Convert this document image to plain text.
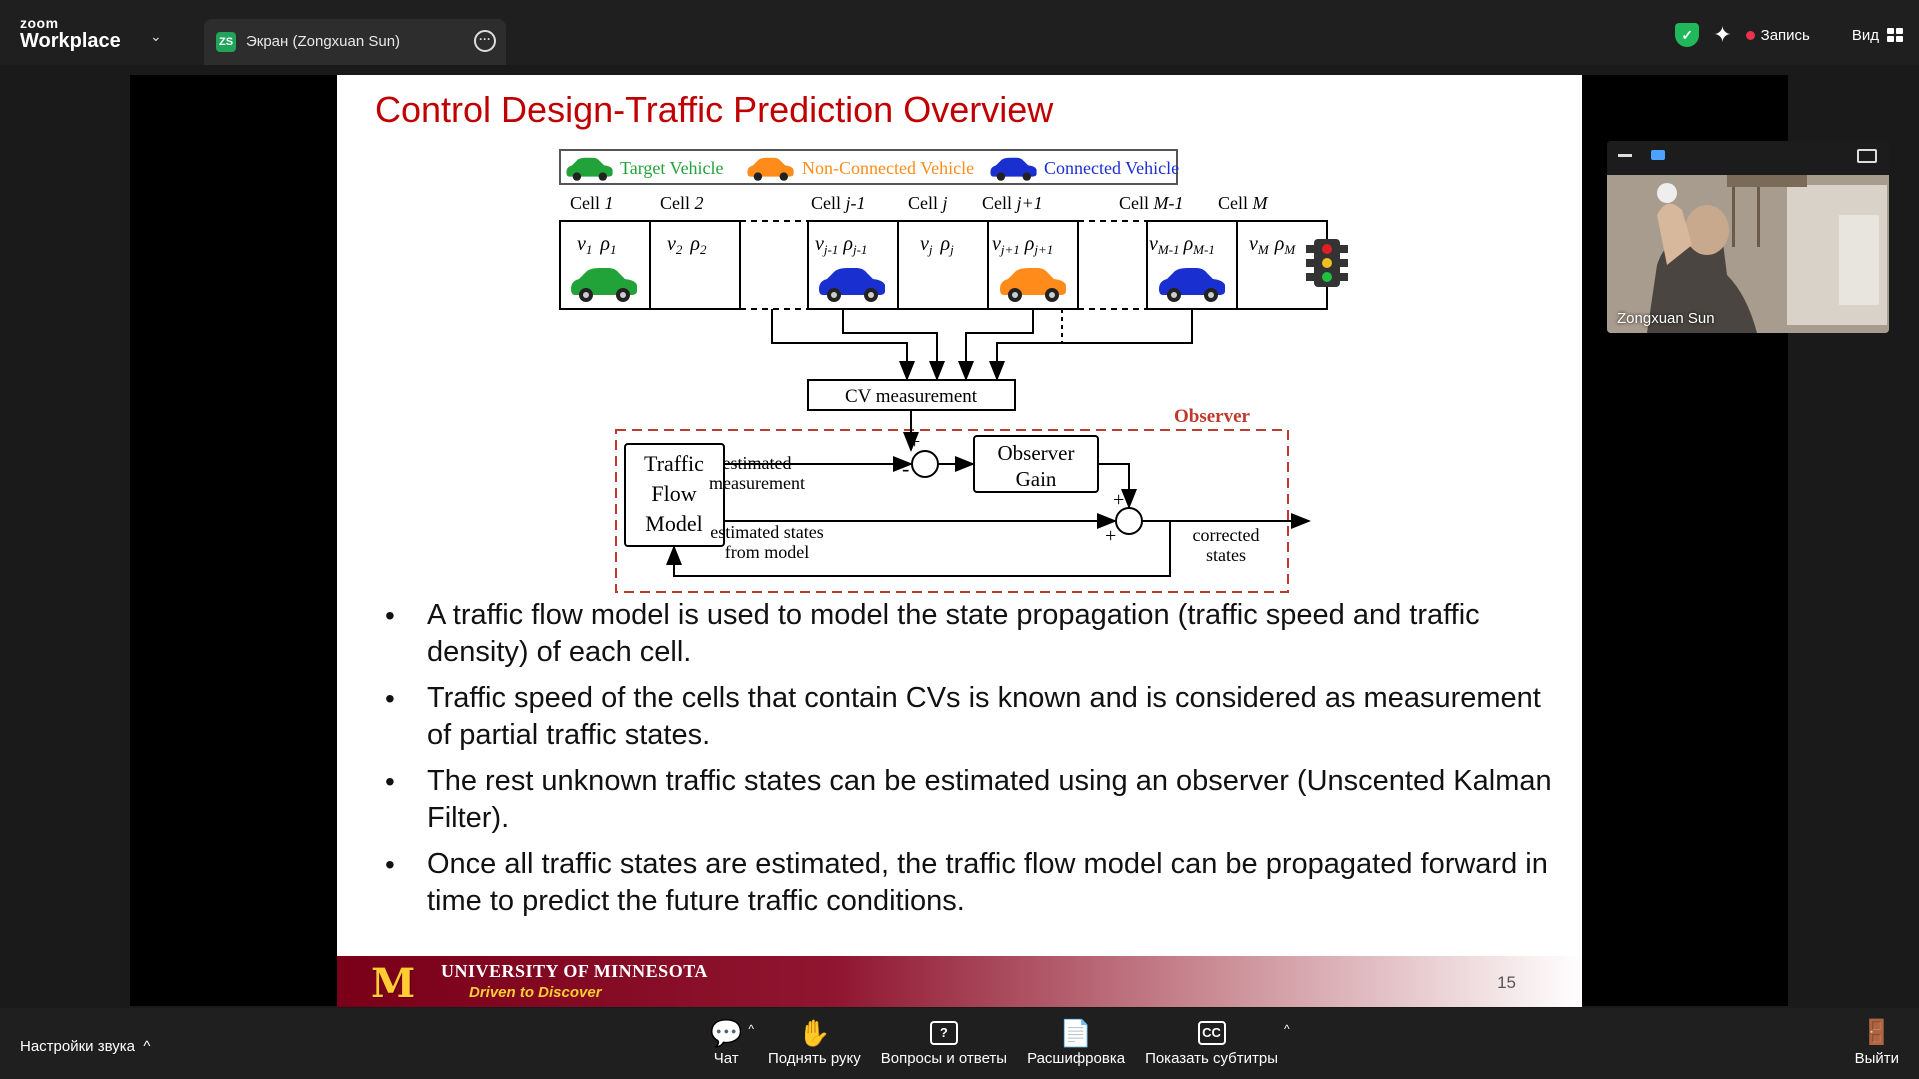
zoom
Workplace ⌄	ZS Экран (Zongxuan Sun)	···	✓ ✦ Запись	Вид
Control Design-Traffic Prediction Overview
Target Vehicle	Non-Connected Vehicle	Connected Vehicle
Cell 1	Cell 2	Cell j-1 Cell j Cell j+1	Cell M-1 Cell M
$v_1$ $\rho_1$	$v_2$ $\rho_2$	$v_{j-1}$ $\rho_{j-1}$	$v_j$ $\rho_j$ $v_{j+1}$ $\rho_{j+1}$	$v_{M-1}$ $\rho_{M-1}$ $v_M$ $\rho_M$
CV measurement
Observer
Traffic
Flow
Model
Observer
Gain
+
-
+
+
estimated
measurement
estimated states
from model
corrected
states
• A traffic flow model is used to model the state propagation (traffic speed and traffic density) of each cell.
• Traffic speed of the cells that contain CVs is known and is considered as measurement of partial traffic states.
• The rest unknown traffic states can be estimated using an observer (Unscented Kalman Filter).
• Once all traffic states are estimated, the traffic flow model can be propagated forward in time to predict the future traffic conditions.
M UNIVERSITY OF MINNESOTA
Driven to Discover
15
Zongxuan Sun
Настройки звука ^	💬
Чат
^ ✋
Поднять руку
?
Вопросы и ответы
📄
Расшифровка
CC
Показать субтитры
^	🚪
Выйти
